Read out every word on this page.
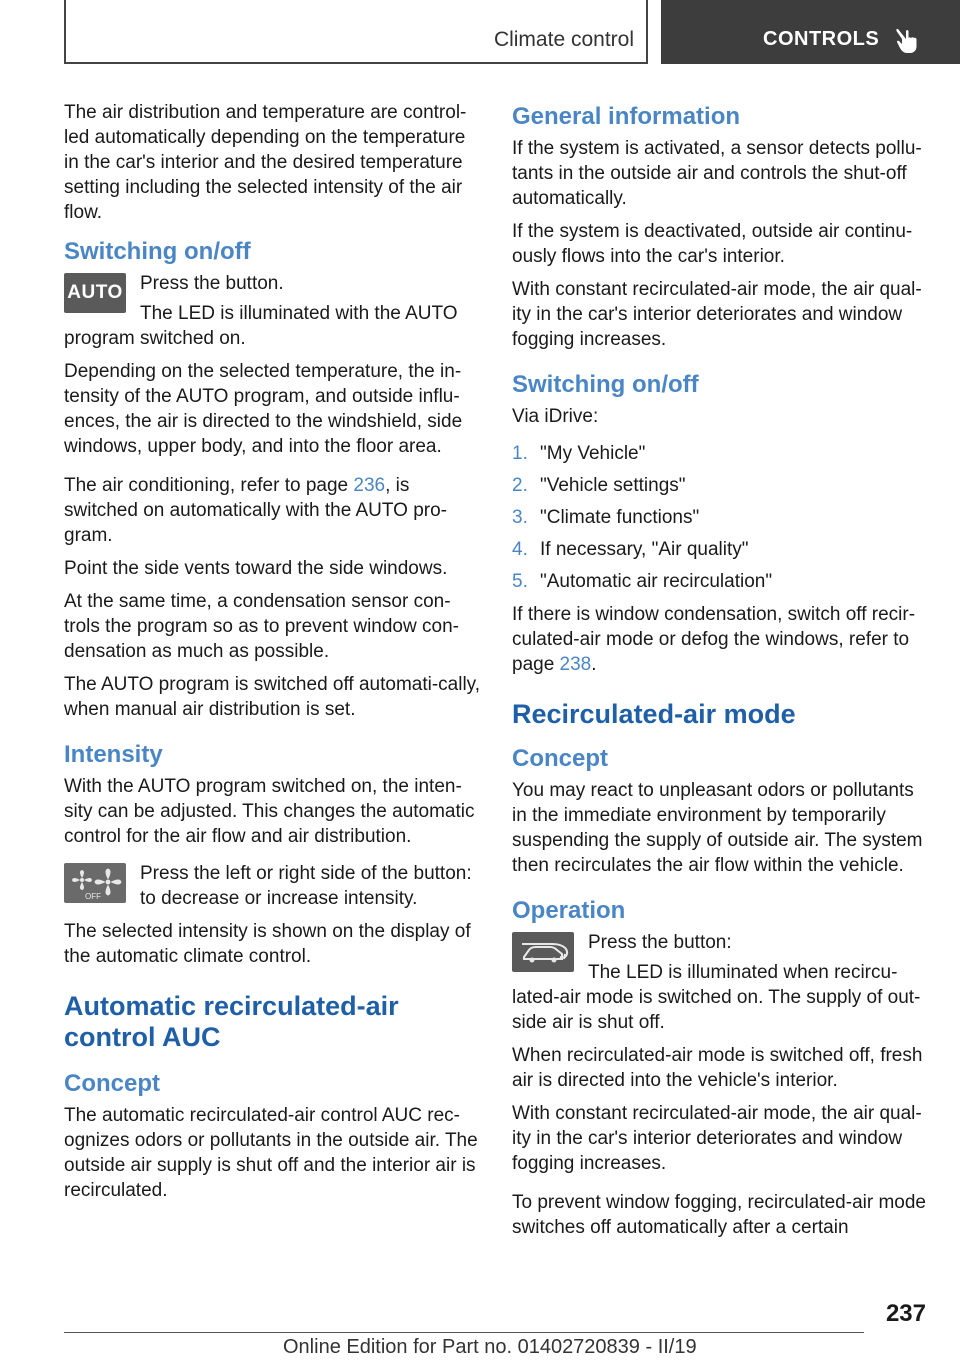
Climate control	CONTROLS

The air distribution and temperature are control-led automatically depending on the temperature in the car's interior and the desired temperature setting including the selected intensity of the air flow.

Switching on/off
AUTO Press the button.

The LED is illuminated with the AUTO program switched on.

Depending on the selected temperature, the in-tensity of the AUTO program, and outside influ-ences, the air is directed to the windshield, side windows, upper body, and into the floor area.

The air conditioning, refer to page 236, is switched on automatically with the AUTO pro-gram.

Point the side vents toward the side windows.

At the same time, a condensation sensor con-trols the program so as to prevent window con-densation as much as possible.

The AUTO program is switched off automati-cally, when manual air distribution is set.

Intensity

With the AUTO program switched on, the inten-sity can be adjusted. This changes the automatic control for the air flow and air distribution.

OFF

Press the left or right side of the button: to decrease or increase intensity.

The selected intensity is shown on the display of the automatic climate control.

Automatic recirculated-air control AUC
Concept

The automatic recirculated-air control AUC rec-ognizes odors or pollutants in the outside air. The outside air supply is shut off and the interior air is recirculated.

General information

If the system is activated, a sensor detects pollu-tants in the outside air and controls the shut-off automatically.

If the system is deactivated, outside air continu-ously flows into the car's interior.

With constant recirculated-air mode, the air qual-ity in the car's interior deteriorates and window fogging increases.

Switching on/off

Via iDrive:

1. "My Vehicle"
2. "Vehicle settings"
3. "Climate functions"
4. If necessary, "Air quality"
5. "Automatic air recirculation"

If there is window condensation, switch off recir-culated-air mode or defog the windows, refer to page 238.

Recirculated-air mode
Concept

You may react to unpleasant odors or pollutants in the immediate environment by temporarily suspending the supply of outside air. The system then recirculates the air flow within the vehicle.

Operation

Press the button:

The LED is illuminated when recircu-lated-air mode is switched on. The supply of out-side air is shut off.

When recirculated-air mode is switched off, fresh air is directed into the vehicle's interior.

With constant recirculated-air mode, the air qual-ity in the car's interior deteriorates and window fogging increases.

To prevent window fogging, recirculated-air mode switches off automatically after a certain

237
Online Edition for Part no. 01402720839 - II/19
